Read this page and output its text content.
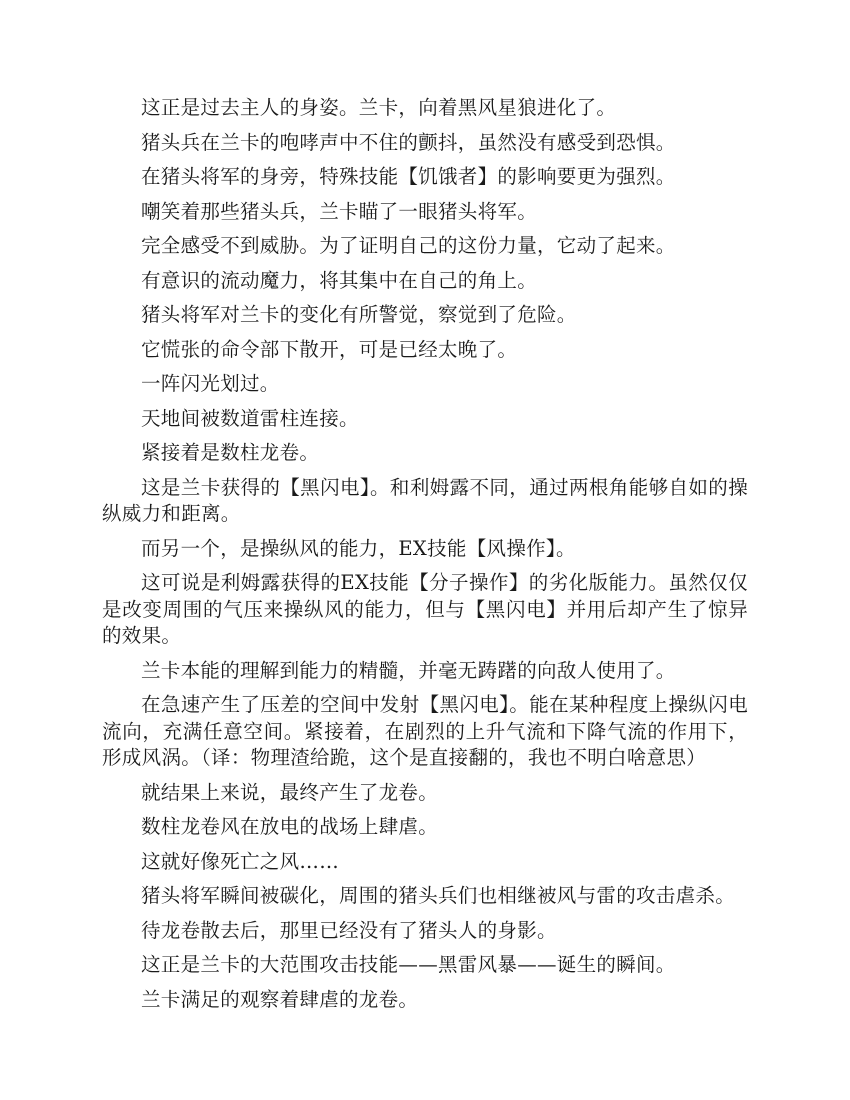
这正是过去主人的身姿。兰卡，向着黑风星狼进化了。

猪头兵在兰卡的咆哮声中不住的颤抖，虽然没有感受到恐惧。

在猪头将军的身旁，特殊技能【饥饿者】的影响要更为强烈。

嘲笑着那些猪头兵，兰卡瞄了一眼猪头将军。

完全感受不到威胁。为了证明自己的这份力量，它动了起来。

有意识的流动魔力，将其集中在自己的角上。

猪头将军对兰卡的变化有所警觉，察觉到了危险。

它慌张的命令部下散开，可是已经太晚了。

一阵闪光划过。

天地间被数道雷柱连接。

紧接着是数柱龙卷。

这是兰卡获得的【黑闪电】。和利姆露不同，通过两根角能够自如的操纵威力和距离。

而另一个，是操纵风的能力，EX技能【风操作】。

这可说是利姆露获得的EX技能【分子操作】的劣化版能力。虽然仅仅是改变周围的气压来操纵风的能力，但与【黑闪电】并用后却产生了惊异的效果。

兰卡本能的理解到能力的精髓，并毫无踌躇的向敌人使用了。

在急速产生了压差的空间中发射【黑闪电】。能在某种程度上操纵闪电流向，充满任意空间。紧接着，在剧烈的上升气流和下降气流的作用下，形成风涡。（译：物理渣给跪，这个是直接翻的，我也不明白啥意思）

就结果上来说，最终产生了龙卷。

数柱龙卷风在放电的战场上肆虐。

这就好像死亡之风……

猪头将军瞬间被碳化，周围的猪头兵们也相继被风与雷的攻击虐杀。

待龙卷散去后，那里已经没有了猪头人的身影。

这正是兰卡的大范围攻击技能——黑雷风暴——诞生的瞬间。

兰卡满足的观察着肆虐的龙卷。
